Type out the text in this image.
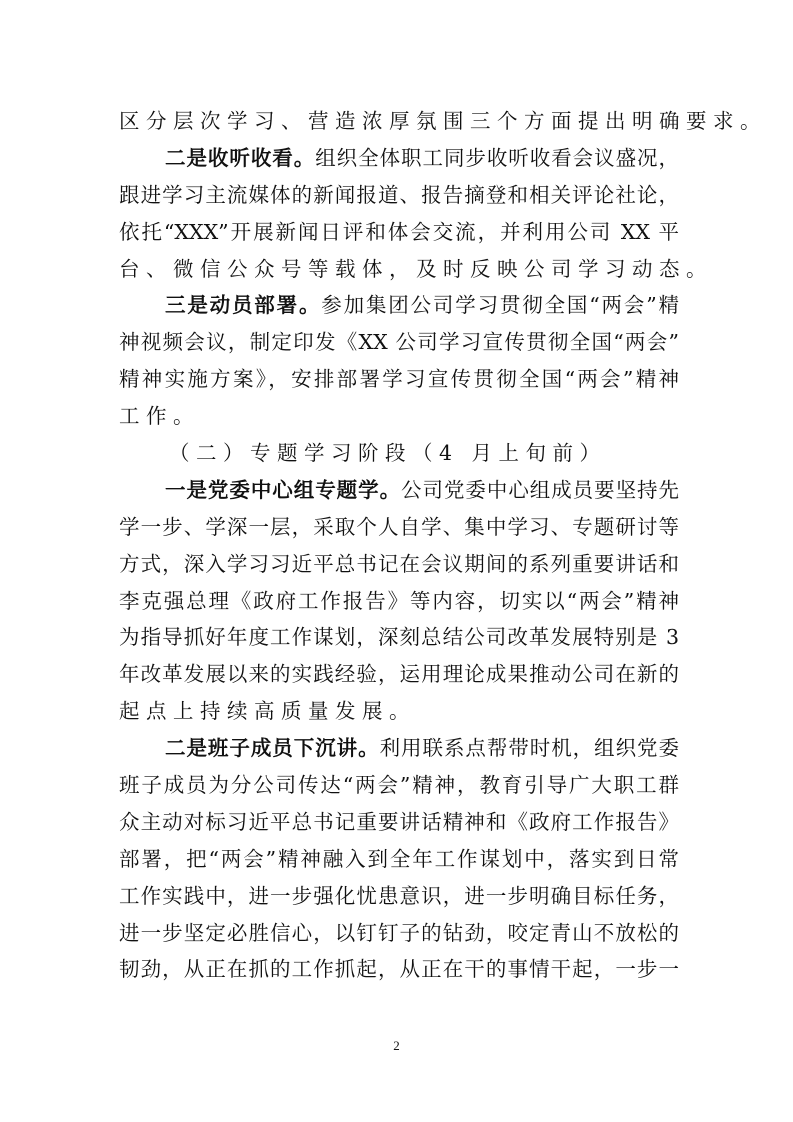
区分层次学习、营造浓厚氛围三个方面提出明确要求。
二是收听收看。组织全体职工同步收听收看会议盛况，
跟进学习主流媒体的新闻报道、报告摘登和相关评论社论，
依托“XXX”开展新闻日评和体会交流，并利用公司 XX 平
台、微信公众号等载体，及时反映公司学习动态。
三是动员部署。参加集团公司学习贯彻全国“两会”精
神视频会议，制定印发《XX 公司学习宣传贯彻全国“两会”
精神实施方案》，安排部署学习宣传贯彻全国“两会”精神
工作。
（二）专题学习阶段（4 月上旬前）
一是党委中心组专题学。公司党委中心组成员要坚持先
学一步、学深一层，采取个人自学、集中学习、专题研讨等
方式，深入学习习近平总书记在会议期间的系列重要讲话和
李克强总理《政府工作报告》等内容，切实以“两会”精神
为指导抓好年度工作谋划，深刻总结公司改革发展特别是 3
年改革发展以来的实践经验，运用理论成果推动公司在新的
起点上持续高质量发展。
二是班子成员下沉讲。利用联系点帮带时机，组织党委
班子成员为分公司传达“两会”精神，教育引导广大职工群
众主动对标习近平总书记重要讲话精神和《政府工作报告》
部署，把“两会”精神融入到全年工作谋划中，落实到日常
工作实践中，进一步强化忧患意识，进一步明确目标任务，
进一步坚定必胜信心，以钉钉子的钻劲，咬定青山不放松的
韧劲，从正在抓的工作抓起，从正在干的事情干起，一步一
2
